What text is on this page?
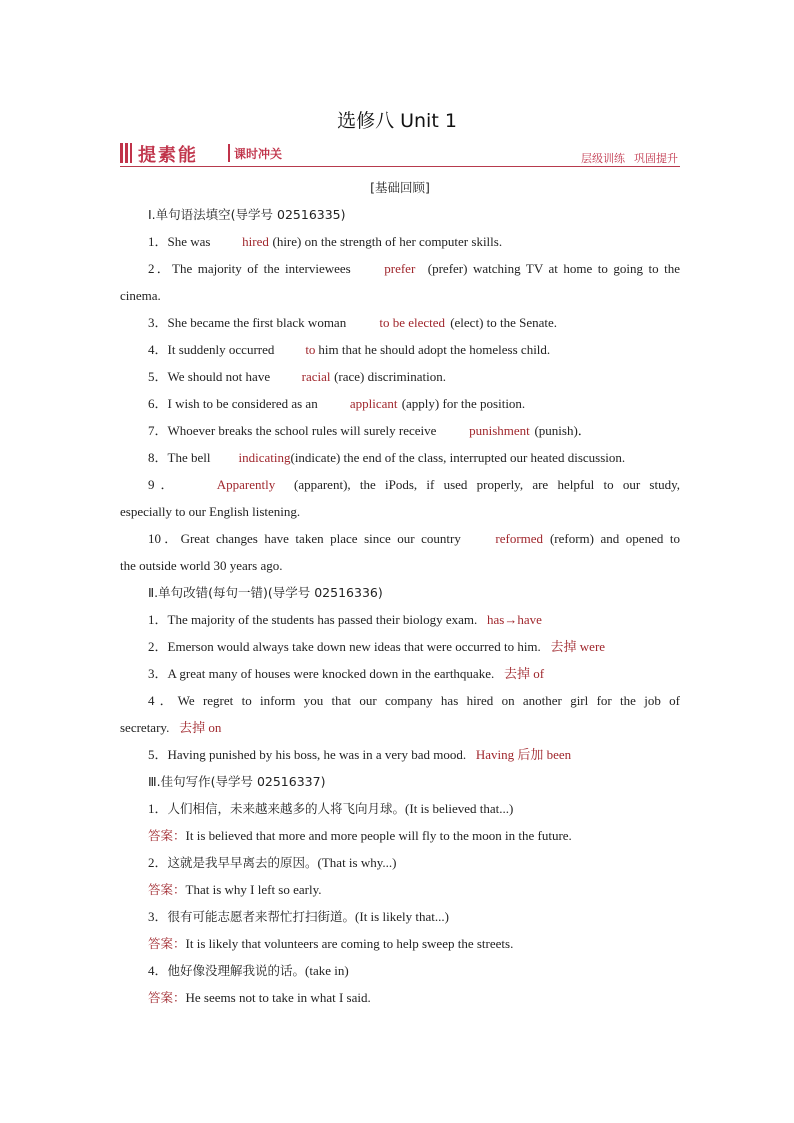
选修八 Unit 1
提素能	课时冲关	层级训练 巩固提升
[基础回顾]
Ⅰ.单句语法填空(导学号 02516335)
1．She was hired (hire) on the strength of her computer skills.
2．The majority of the interviewees	prefer (prefer) watching TV at home to going to the
cinema.
3．She became the first black woman	to be elected (elect) to the Senate.
4．It suddenly occurred to him that he should adopt the homeless child.
5．We should not have racial (race) discrimination.
6．I wish to be considered as an applicant (apply) for the position.
7．Whoever breaks the school rules will surely receive	punishment (punish)．
8．The bell indicating(indicate) the end of the class, interrupted our heated discussion.
9．	Apparently (apparent), the iPods, if used properly, are helpful to our study,
especially to our English listening.
10．Great changes have taken place since our country	reformed (reform) and opened to
the outside world 30 years ago.
Ⅱ.单句改错(每句一错)(导学号 02516336)
1．The majority of the students has passed their biology exam. has→have
2．Emerson would always take down new ideas that were occurred to him. 去掉 were
3．A great many of houses were knocked down in the earthquake. 去掉 of
4．We regret to inform you that our company has hired on another girl for the job of
secretary. 去掉 on
5．Having punished by his boss, he was in a very bad mood. Having 后加 been
Ⅲ.佳句写作(导学号 02516337)
1．人们相信，未来越来越多的人将飞向月球。(It is believed that...)
答案：It is believed that more and more people will fly to the moon in the future.
2．这就是我早早离去的原因。(That is why...)
答案：That is why I left so early.
3．很有可能志愿者来帮忙打扫街道。(It is likely that...)
答案：It is likely that volunteers are coming to help sweep the streets.
4．他好像没理解我说的话。(take in)
答案：He seems not to take in what I said.
